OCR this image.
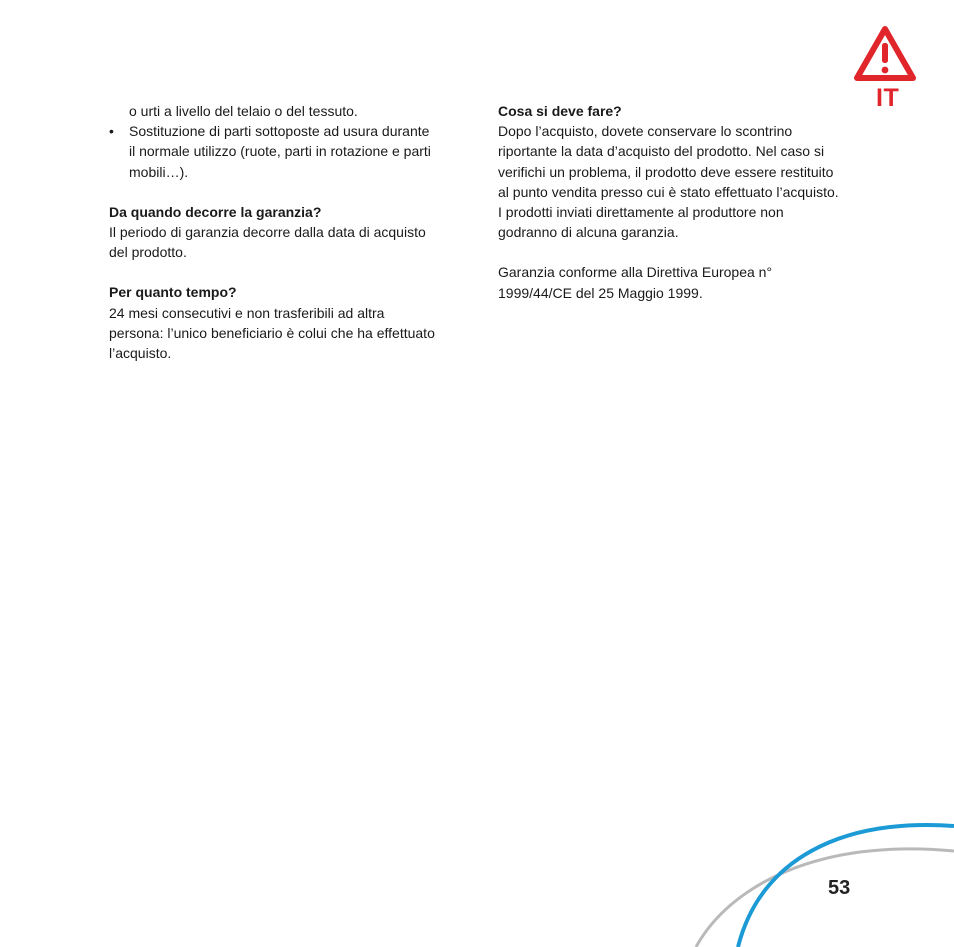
o urti a livello del telaio o del tessuto.

•	Sostituzione di parti sottoposte ad usura durante il normale utilizzo (ruote, parti in rotazione e parti mobili…).

Da quando decorre la garanzia?

Il periodo di garanzia decorre dalla data di acquisto del prodotto.

Per quanto tempo?

24 mesi consecutivi e non trasferibili ad altra persona: l’unico beneficiario è colui che ha effettuato l’acquisto.

Cosa si deve fare?

Dopo l’acquisto, dovete conservare lo scontrino riportante la data d’acquisto del prodotto. Nel caso si verifichi un problema, il prodotto deve essere restituito al punto vendita presso cui è stato effettuato l’acquisto. I prodotti inviati direttamente al produttore non godranno di alcuna garanzia.

Garanzia conforme alla Direttiva Europea n° 1999/44/CE del 25 Maggio 1999.

IT
53
